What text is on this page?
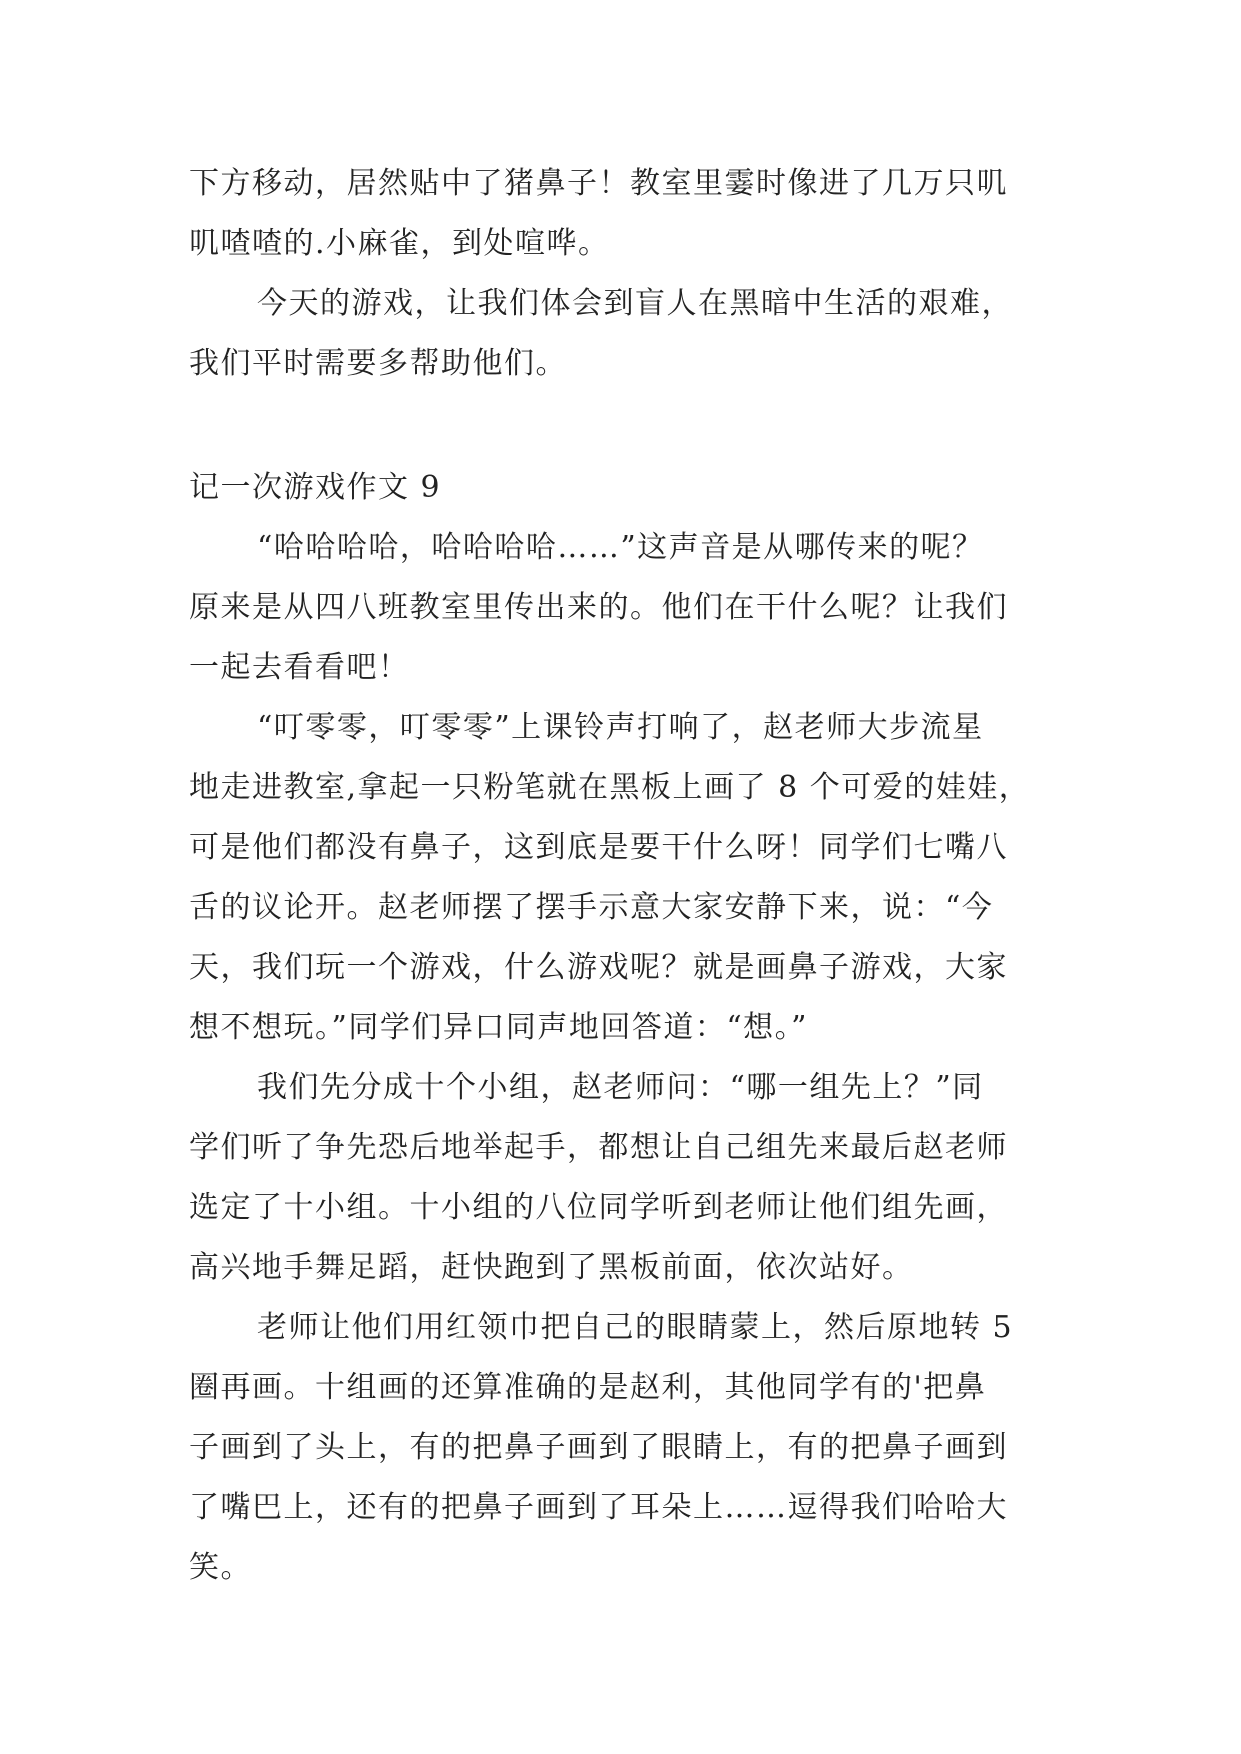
下方移动，居然贴中了猪鼻子！教室里霎时像进了几万只叽
叽喳喳的.小麻雀，到处喧哗。
今天的游戏，让我们体会到盲人在黑暗中生活的艰难，
我们平时需要多帮助他们。
记一次游戏作文 9
“哈哈哈哈，哈哈哈哈……”这声音是从哪传来的呢？
原来是从四八班教室里传出来的。他们在干什么呢？让我们
一起去看看吧！
“叮零零，叮零零”上课铃声打响了，赵老师大步流星
地走进教室,拿起一只粉笔就在黑板上画了 8 个可爱的娃娃，
可是他们都没有鼻子，这到底是要干什么呀！同学们七嘴八
舌的议论开。赵老师摆了摆手示意大家安静下来，说：“今
天，我们玩一个游戏，什么游戏呢？就是画鼻子游戏，大家
想不想玩。”同学们异口同声地回答道：“想。”
我们先分成十个小组，赵老师问：“哪一组先上？”同
学们听了争先恐后地举起手，都想让自己组先来最后赵老师
选定了十小组。十小组的八位同学听到老师让他们组先画，
高兴地手舞足蹈，赶快跑到了黑板前面，依次站好。
老师让他们用红领巾把自己的眼睛蒙上，然后原地转 5
圈再画。十组画的还算准确的是赵利，其他同学有的'把鼻
子画到了头上，有的把鼻子画到了眼睛上，有的把鼻子画到
了嘴巴上，还有的把鼻子画到了耳朵上……逗得我们哈哈大
笑。
